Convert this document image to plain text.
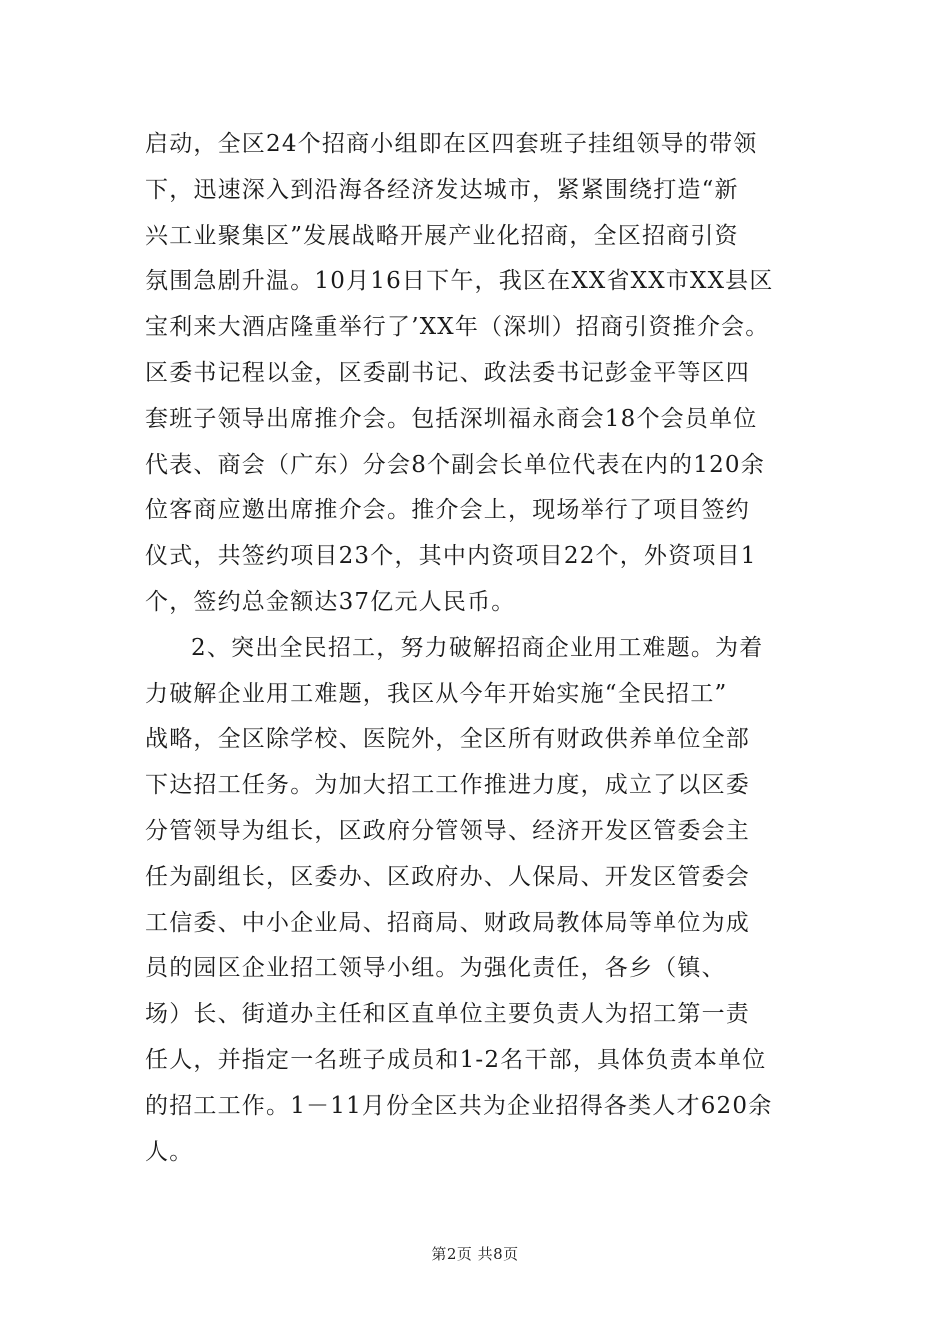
启动，全区24个招商小组即在区四套班子挂组领导的带领
下，迅速深入到沿海各经济发达城市，紧紧围绕打造“新
兴工业聚集区”发展战略开展产业化招商，全区招商引资
氛围急剧升温。10月16日下午，我区在XX省XX市XX县区
宝利来大酒店隆重举行了’XX年（深圳）招商引资推介会。
区委书记程以金，区委副书记、政法委书记彭金平等区四
套班子领导出席推介会。包括深圳福永商会18个会员单位
代表、商会（广东）分会8个副会长单位代表在内的120余
位客商应邀出席推介会。推介会上，现场举行了项目签约
仪式，共签约项目23个，其中内资项目22个，外资项目1
个，签约总金额达37亿元人民币。
2、突出全民招工，努力破解招商企业用工难题。为着
力破解企业用工难题，我区从今年开始实施“全民招工”
战略，全区除学校、医院外，全区所有财政供养单位全部
下达招工任务。为加大招工工作推进力度，成立了以区委
分管领导为组长，区政府分管领导、经济开发区管委会主
任为副组长，区委办、区政府办、人保局、开发区管委会
工信委、中小企业局、招商局、财政局教体局等单位为成
员的园区企业招工领导小组。为强化责任，各乡（镇、
场）长、街道办主任和区直单位主要负责人为招工第一责
任人，并指定一名班子成员和1-2名干部，具体负责本单位
的招工工作。1－11月份全区共为企业招得各类人才620余
人。
第2页 共8页
